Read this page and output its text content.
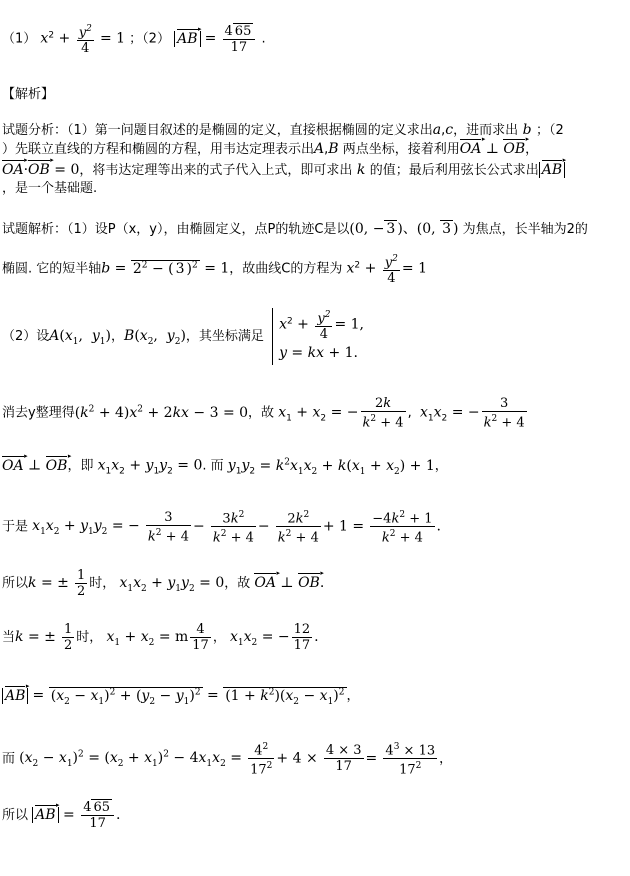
（1） $x^2 + \frac{y^2}{4} = 1$ ；（2） AB ▸ = $\frac{4 65}{17}$ .
【解析】
试题分析：（1）第一问题目叙述的是椭圆的定义，直接根据椭圆的定义求出a,c，进而求出 b ；（2
）先联立直线的方程和椭圆的方程，用韦达定理表示出A,B 两点坐标，接着利用OA ▸ ⊥ OB ▸，
OA ▸·OB ▸ = 0，将韦达定理等出来的式子代入上式，即可求出 k 的值；最后利用弦长公式求出 AB ▸
，是一个基础题.
试题解析：（1）设P（x，y），由椭圆定义，点P的轨迹C是以(0, − 3 )、(0, 3 ) 为焦点，长半轴为2的
椭圆. 它的短半轴$b = 2^2$ − ( 3 )$^2$ = 1，故曲线C的方程为 $x^2 + \frac{y^2}{4} = 1$
（2）设$A(x_1$,  $y_1$)，$B(x_2$,  $y_2$)，其坐标满足
$x^2 + \frac{y^2}{4} = 1$,
y = kx + 1.
消去y整理得$(k^2 + 4)x^2 + 2kx - 3 = 0$，故 $x_1 + x_2$ = − $\frac{2k}{k^2 + 4}$ ,  $x_1x_2$ = − $\frac{3}{k^2 + 4}$
OA ▸ ⊥ OB ▸，即 $x_1x_2 + y_1y_2 = 0$. 而 $y_1y_2 = k^2x_1x_2 + k(x_1 + x_2) + 1$，
于是 $x_1x_2 + y_1y_2$ = − $\frac{3}{k^2 + 4} - \frac{3k^2}{k^2 + 4} - \frac{2k^2}{k^2 + 4} + 1 = \frac{-4k^2 + 1}{k^2 + 4}$ .
所以k = ± $\frac{1}{2}$ 时， $x_1x_2 + y_1y_2 = 0$，故 OA ▸ ⊥ OB ▸.
当k = ± $\frac{1}{2}$ 时， $x_1 + x_2 = m \frac{4}{17}$ ， $x_1x_2$ = − $\frac{12}{17}$ .
AB ▸ = $(x_2 - x_1)^2 + (y_2 - y_1)^2 = (1 + k^2)(x_2 - x_1)^2$ ，
而 $(x_2 - x_1)^2 = (x_2 + x_1)^2 - 4x_1x_2 = \frac{4^2}{17^2} + 4 \times \frac{4 \times 3}{17} = \frac{4^3 \times 13}{17^2}$ ，
所以 AB ▸ = $\frac{4 65}{17}$ .
